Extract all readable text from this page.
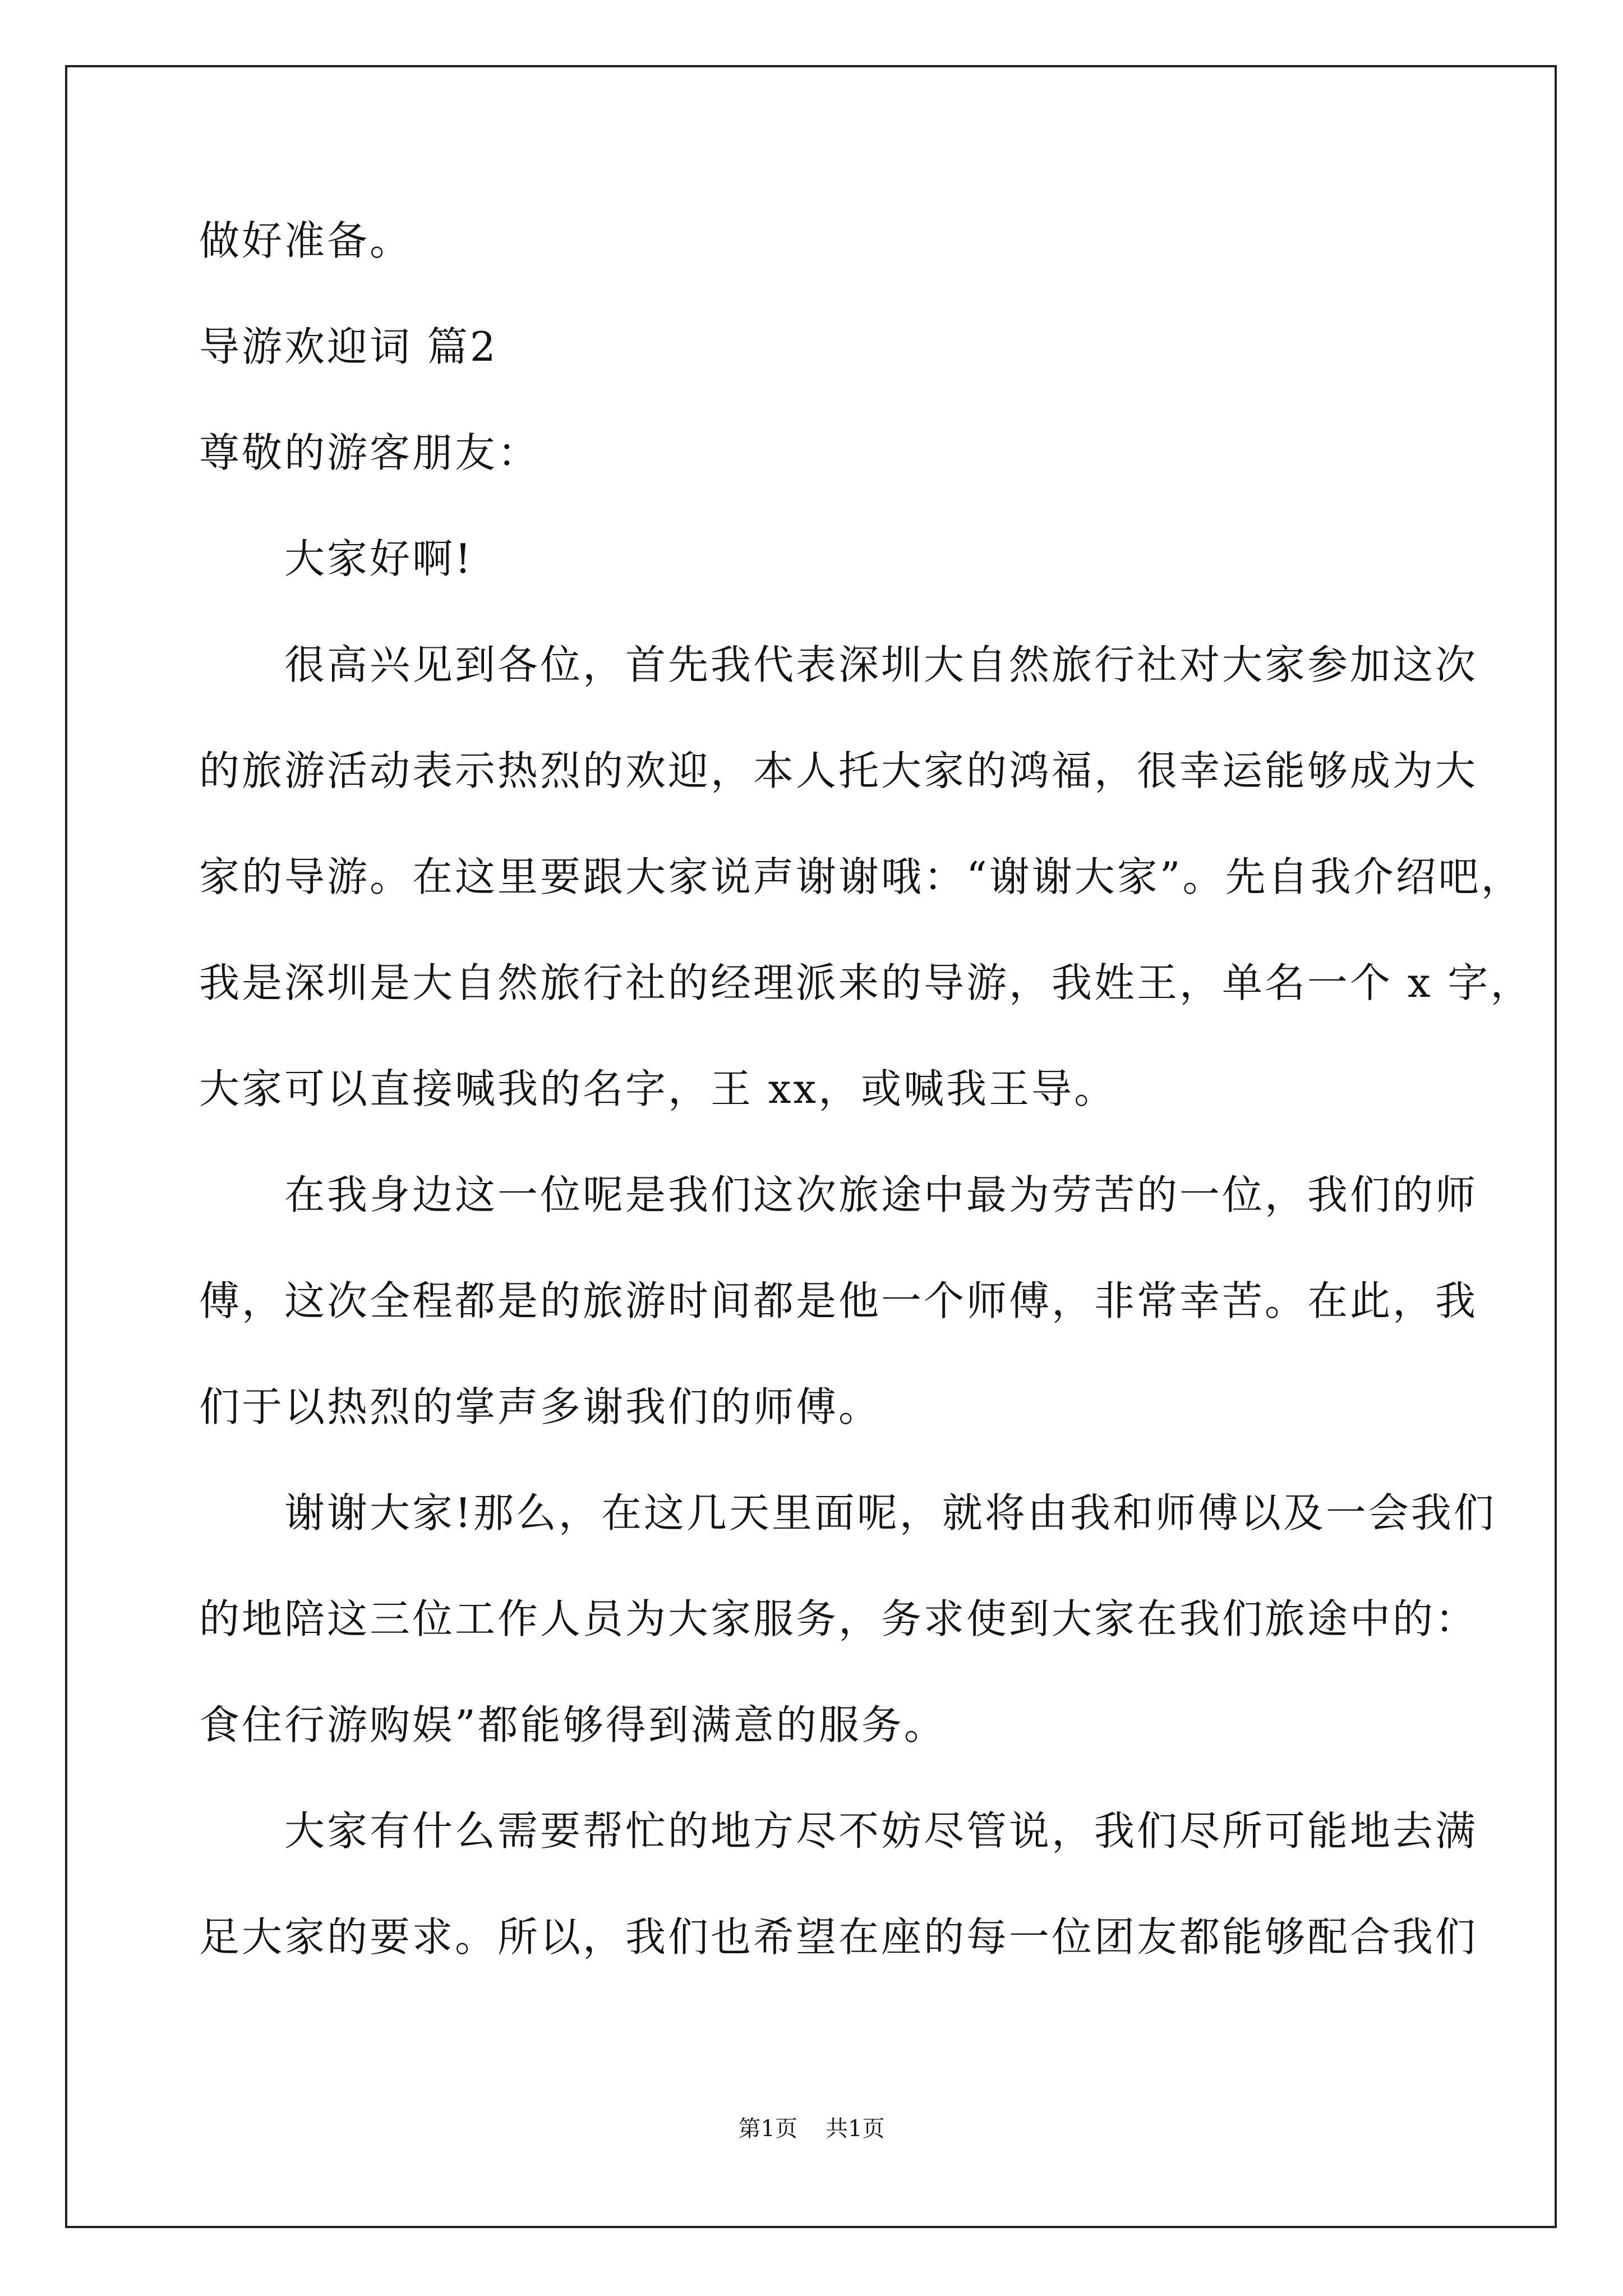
做好准备。
导游欢迎词 篇2
尊敬的游客朋友：
　　大家好啊!
　　很高兴见到各位，首先我代表深圳大自然旅行社对大家参加这次
的旅游活动表示热烈的欢迎，本人托大家的鸿福，很幸运能够成为大
家的导游。在这里要跟大家说声谢谢哦：“谢谢大家”。先自我介绍吧，
我是深圳是大自然旅行社的经理派来的导游，我姓王，单名一个 x 字，
大家可以直接喊我的名字，王 xx，或喊我王导。
　　在我身边这一位呢是我们这次旅途中最为劳苦的一位，我们的师
傅，这次全程都是的旅游时间都是他一个师傅，非常幸苦。在此，我
们于以热烈的掌声多谢我们的师傅。
　　谢谢大家!那么，在这几天里面呢，就将由我和师傅以及一会我们
的地陪这三位工作人员为大家服务，务求使到大家在我们旅途中的：
食住行游购娱”都能够得到满意的服务。
　　大家有什么需要帮忙的地方尽不妨尽管说，我们尽所可能地去满
足大家的要求。所以，我们也希望在座的每一位团友都能够配合我们
第1页 共1页
